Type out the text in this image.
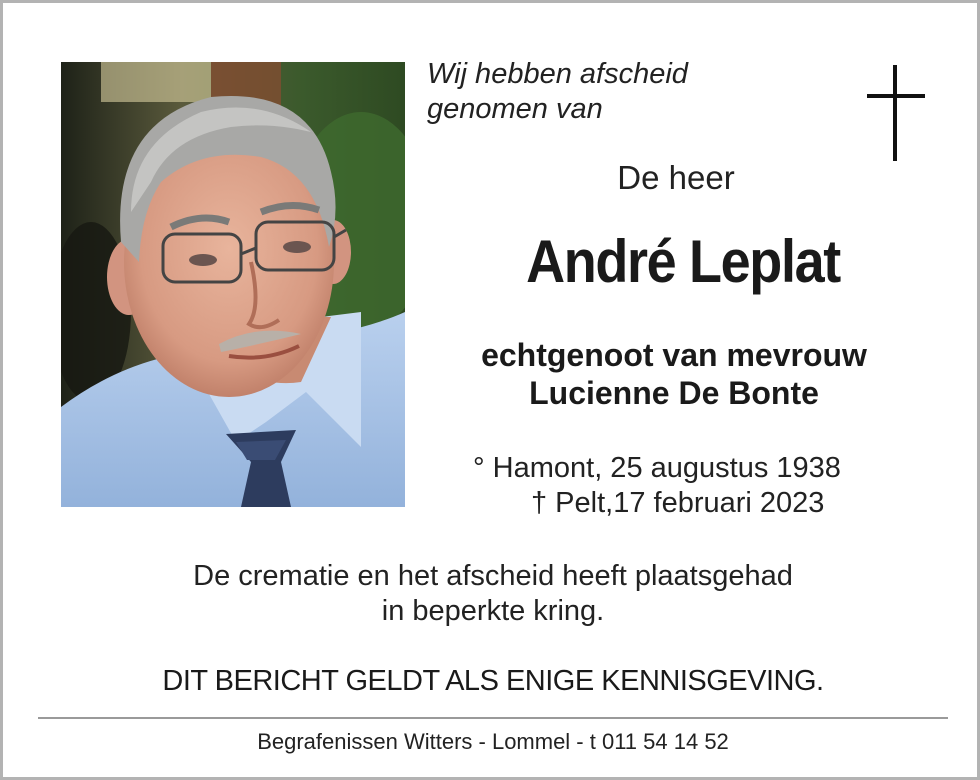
Wij hebben afscheid
genomen van
De heer
André Leplat
echtgenoot van mevrouw
Lucienne De Bonte
° Hamont, 25 augustus 1938
† Pelt,17 februari 2023
De crematie en het afscheid heeft plaatsgehad
in beperkte kring.
DIT BERICHT GELDT ALS ENIGE KENNISGEVING.
Begrafenissen Witters - Lommel - t 011 54 14 52
